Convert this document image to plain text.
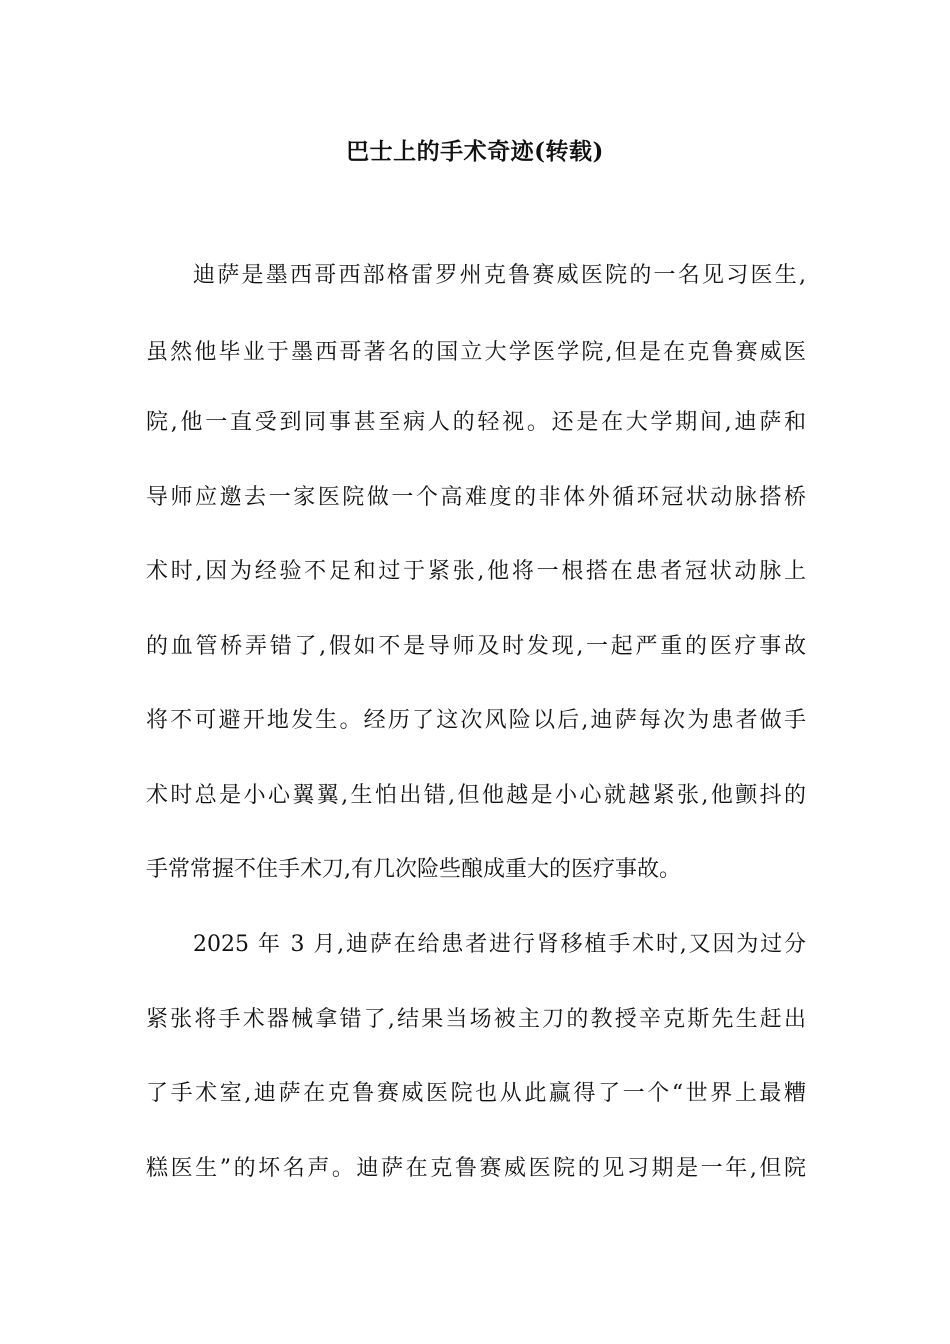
巴士上的手术奇迹(转载)
迪萨是墨西哥西部格雷罗州克鲁赛威医院的一名见习医生,
虽然他毕业于墨西哥著名的国立大学医学院,但是在克鲁赛威医
院,他一直受到同事甚至病人的轻视。还是在大学期间,迪萨和
导师应邀去一家医院做一个高难度的非体外循环冠状动脉搭桥
术时,因为经验不足和过于紧张,他将一根搭在患者冠状动脉上
的血管桥弄错了,假如不是导师及时发现,一起严重的医疗事故
将不可避开地发生。经历了这次风险以后,迪萨每次为患者做手
术时总是小心翼翼,生怕出错,但他越是小心就越紧张,他颤抖的
手常常握不住手术刀,有几次险些酿成重大的医疗事故。
2025 年 3 月,迪萨在给患者进行肾移植手术时,又因为过分
紧张将手术器械拿错了,结果当场被主刀的教授辛克斯先生赶出
了手术室,迪萨在克鲁赛威医院也从此赢得了一个“世界上最糟
糕医生”的坏名声。迪萨在克鲁赛威医院的见习期是一年,但院
